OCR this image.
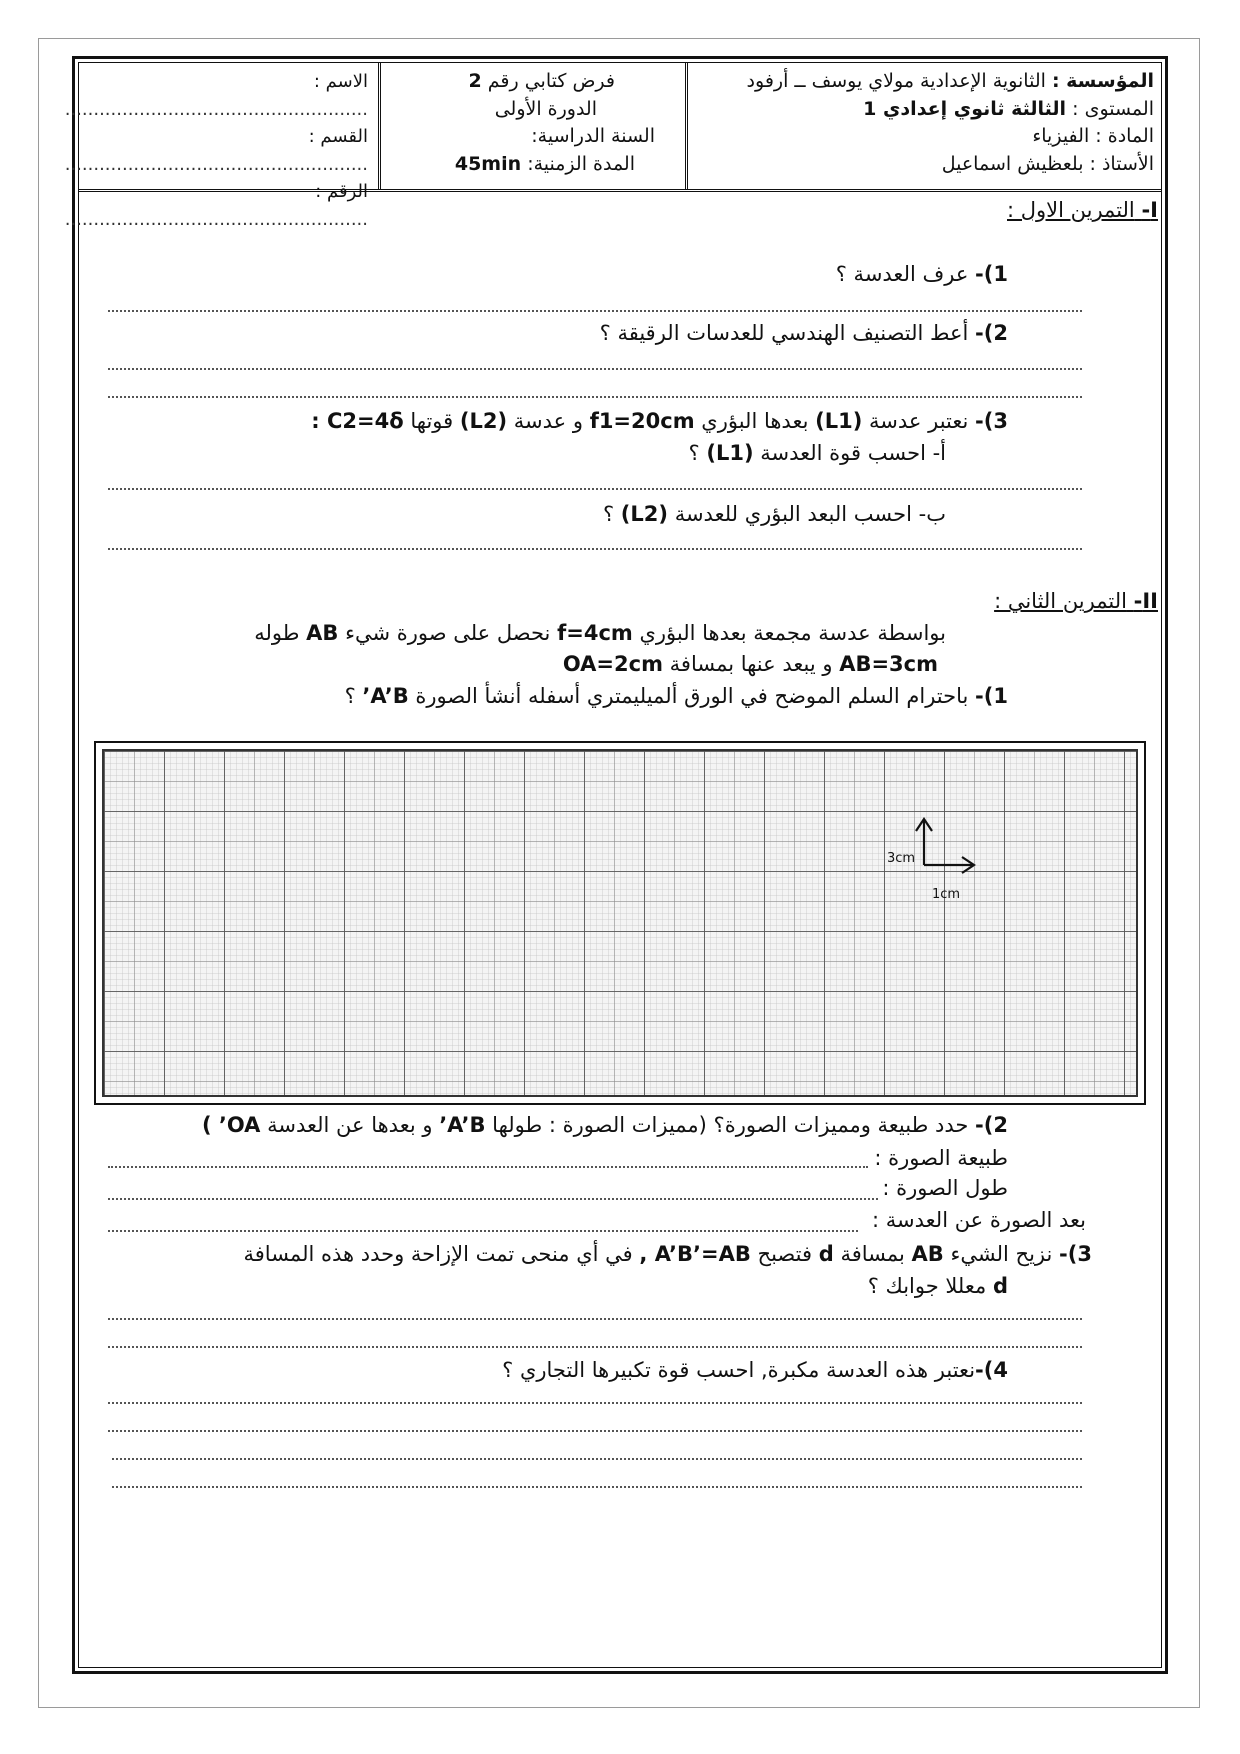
المؤسسة : الثانوية الإعدادية مولاي يوسف ــ أرفود
المستوى : الثالثة ثانوي إعدادي 1
المادة : الفيزياء
الأستاذ : بلعظيش اسماعيل
فرض كتابي رقم 2
الدورة الأولى
السنة الدراسية:
المدة الزمنية: 45min
الاسم : .....................................................
القسم : .....................................................
الرقم : .....................................................	I- التمرين الاول :
1)- عرف العدسة ؟
2)- أعط التصنيف الهندسي للعدسات الرقيقة ؟
3)- نعتبر عدسة (L1) بعدها البؤري f1=20cm و عدسة (L2) قوتها C2=4δ :
أ- احسب قوة العدسة (L1) ؟
ب- احسب البعد البؤري للعدسة (L2) ؟
II- التمرين الثاني :
بواسطة عدسة مجمعة بعدها البؤري f=4cm نحصل على صورة شيء AB طوله
AB=3cm و يبعد عنها بمسافة OA=2cm
1)- باحترام السلم الموضح في الورق ألميليمتري أسفله أنشأ الصورة A’B’ ؟
3cm
1cm
2)- حدد طبيعة ومميزات الصورة؟ (مميزات الصورة : طولها A’B’ و بعدها عن العدسة OA’ )
طبيعة الصورة :
طول الصورة :
بعد الصورة عن العدسة :
3)- نزيح الشيء AB بمسافة d فتصبح A’B’=AB , في أي منحى تمت الإزاحة وحدد هذه المسافة
d معللا جوابك ؟
4)-نعتبر هذه العدسة مكبرة, احسب قوة تكبيرها التجاري ؟
